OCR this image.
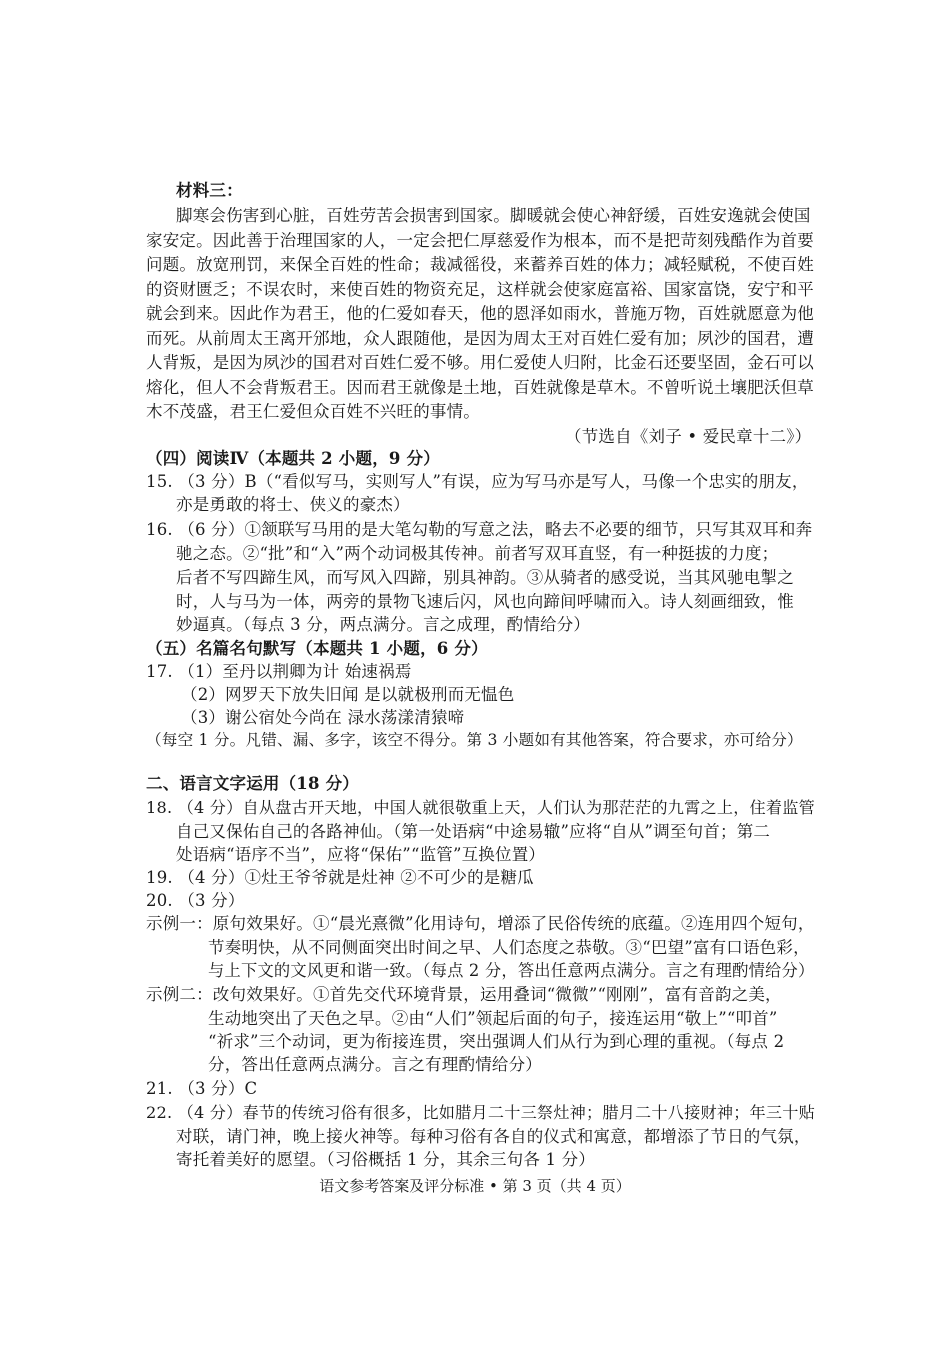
材料三：
脚寒会伤害到心脏，百姓劳苦会损害到国家。脚暖就会使心神舒缓，百姓安逸就会使国
家安定。因此善于治理国家的人，一定会把仁厚慈爱作为根本，而不是把苛刻残酷作为首要
问题。放宽刑罚，来保全百姓的性命；裁减徭役，来蓄养百姓的体力；减轻赋税，不使百姓
的资财匮乏；不误农时，来使百姓的物资充足，这样就会使家庭富裕、国家富饶，安宁和平
就会到来。因此作为君王，他的仁爱如春天，他的恩泽如雨水，普施万物，百姓就愿意为他
而死。从前周太王离开邠地，众人跟随他，是因为周太王对百姓仁爱有加；夙沙的国君，遭
人背叛，是因为夙沙的国君对百姓仁爱不够。用仁爱使人归附，比金石还要坚固，金石可以
熔化，但人不会背叛君王。因而君王就像是土地，百姓就像是草木。不曾听说土壤肥沃但草
木不茂盛，君王仁爱但众百姓不兴旺的事情。
（节选自《刘子 • 爱民章十二》）
（四）阅读Ⅳ（本题共 2 小题，9 分）
15. （3 分）B（“看似写马，实则写人”有误，应为写马亦是写人，马像一个忠实的朋友，
亦是勇敢的将士、侠义的豪杰）
16. （6 分）①颔联写马用的是大笔勾勒的写意之法，略去不必要的细节，只写其双耳和奔
驰之态。②“批”和“入”两个动词极其传神。前者写双耳直竖，有一种挺拔的力度；
后者不写四蹄生风，而写风入四蹄，别具神韵。③从骑者的感受说，当其风驰电掣之
时，人与马为一体，两旁的景物飞速后闪，风也向蹄间呼啸而入。诗人刻画细致，惟
妙逼真。（每点 3 分，两点满分。言之成理，酌情给分）
（五）名篇名句默写（本题共 1 小题，6 分）
17. （1）至丹以荆卿为计 始速祸焉
（2）网罗天下放失旧闻 是以就极刑而无愠色
（3）谢公宿处今尚在 渌水荡漾清猿啼
（每空 1 分。凡错、漏、多字，该空不得分。第 3 小题如有其他答案，符合要求，亦可给分）
二、语言文字运用（18 分）
18. （4 分）自从盘古开天地，中国人就很敬重上天，人们认为那茫茫的九霄之上，住着监管
自己又保佑自己的各路神仙。（第一处语病“中途易辙”应将“自从”调至句首；第二
处语病“语序不当”，应将“保佑”“监管”互换位置）
19. （4 分）①灶王爷爷就是灶神 ②不可少的是糖瓜
20. （3 分）
示例一：原句效果好。①“晨光熹微”化用诗句，增添了民俗传统的底蕴。②连用四个短句，
节奏明快，从不同侧面突出时间之早、人们态度之恭敬。③“巴望”富有口语色彩，
与上下文的文风更和谐一致。（每点 2 分，答出任意两点满分。言之有理酌情给分）
示例二：改句效果好。①首先交代环境背景，运用叠词“微微”“刚刚”，富有音韵之美，
生动地突出了天色之早。②由“人们”领起后面的句子，接连运用“敬上”“叩首”
“祈求”三个动词，更为衔接连贯，突出强调人们从行为到心理的重视。（每点 2
分，答出任意两点满分。言之有理酌情给分）
21. （3 分）C
22. （4 分）春节的传统习俗有很多，比如腊月二十三祭灶神；腊月二十八接财神；年三十贴
对联，请门神，晚上接火神等。每种习俗有各自的仪式和寓意，都增添了节日的气氛，
寄托着美好的愿望。（习俗概括 1 分，其余三句各 1 分）
语文参考答案及评分标准 • 第 3 页（共 4 页）
